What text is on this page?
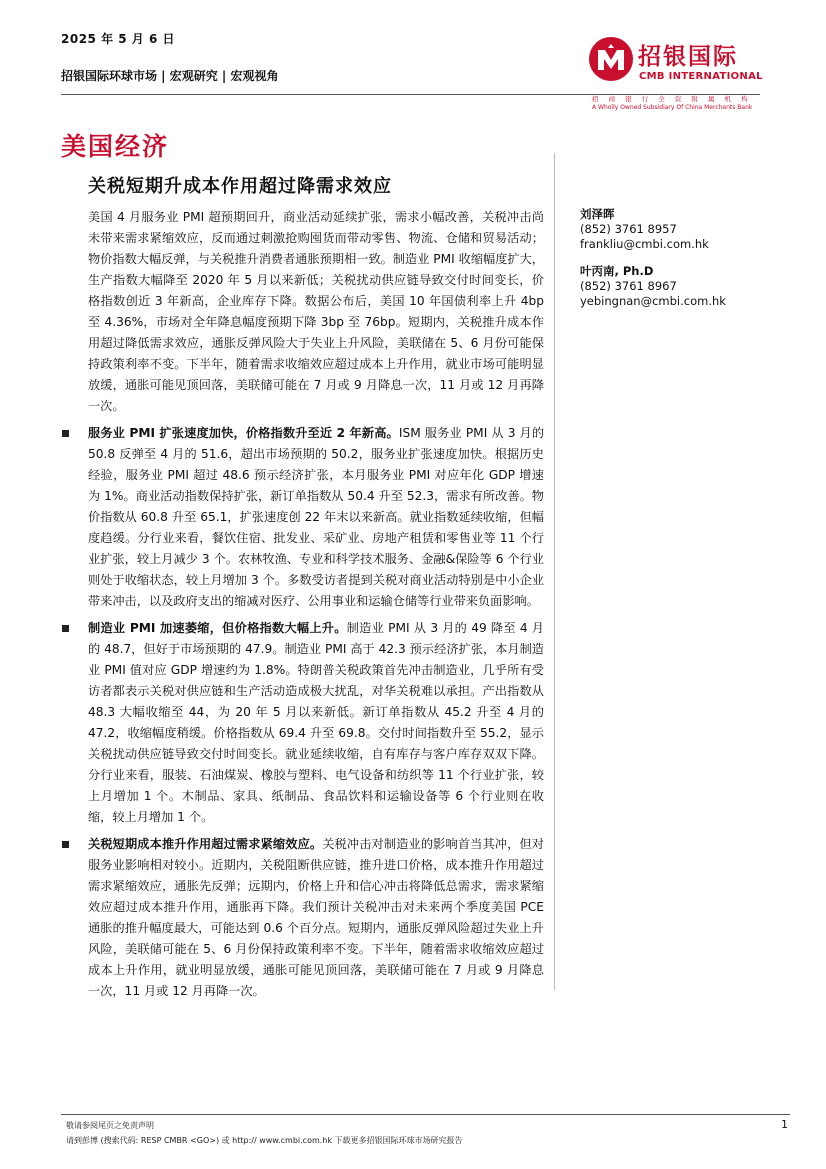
2025 年 5 月 6 日
招银国际环球市场 | 宏观研究 | 宏观视角
招银国际
CMB INTERNATIONAL
招 商 银 行 全 资 附 属 机 构
A Wholly Owned Subsidiary Of China Merchants Bank
美国经济
关税短期升成本作用超过降需求效应

美国 4 月服务业 PMI 超预期回升，商业活动延续扩张，需求小幅改善，关税冲击尚未带来需求紧缩效应，反而通过刺激抢购囤货而带动零售、物流、仓储和贸易活动；物价指数大幅反弹，与关税推升消费者通胀预期相一致。制造业 PMI 收缩幅度扩大，生产指数大幅降至 2020 年 5 月以来新低；关税扰动供应链导致交付时间变长，价格指数创近 3 年新高，企业库存下降。数据公布后，美国 10 年国债利率上升 4bp 至 4.36%，市场对全年降息幅度预期下降 3bp 至 76bp。短期内，关税推升成本作用超过降低需求效应，通胀反弹风险大于失业上升风险，美联储在 5、6 月份可能保持政策利率不变。下半年，随着需求收缩效应超过成本上升作用，就业市场可能明显放缓，通胀可能见顶回落，美联储可能在 7 月或 9 月降息一次，11 月或 12 月再降一次。

服务业 PMI 扩张速度加快，价格指数升至近 2 年新高。ISM 服务业 PMI 从 3 月的 50.8 反弹至 4 月的 51.6，超出市场预期的 50.2，服务业扩张速度加快。根据历史经验，服务业 PMI 超过 48.6 预示经济扩张，本月服务业 PMI 对应年化 GDP 增速为 1%。商业活动指数保持扩张，新订单指数从 50.4 升至 52.3，需求有所改善。物价指数从 60.8 升至 65.1，扩张速度创 22 年末以来新高。就业指数延续收缩，但幅度趋缓。分行业来看，餐饮住宿、批发业、采矿业、房地产租赁和零售业等 11 个行业扩张，较上月减少 3 个。农林牧渔、专业和科学技术服务、金融&保险等 6 个行业则处于收缩状态，较上月增加 3 个。多数受访者提到关税对商业活动特别是中小企业带来冲击，以及政府支出的缩减对医疗、公用事业和运输仓储等行业带来负面影响。

制造业 PMI 加速萎缩，但价格指数大幅上升。制造业 PMI 从 3 月的 49 降至 4 月的 48.7，但好于市场预期的 47.9。制造业 PMI 高于 42.3 预示经济扩张，本月制造业 PMI 值对应 GDP 增速约为 1.8%。特朗普关税政策首先冲击制造业，几乎所有受访者都表示关税对供应链和生产活动造成极大扰乱，对华关税难以承担。产出指数从 48.3 大幅收缩至 44，为 20 年 5 月以来新低。新订单指数从 45.2 升至 4 月的 47.2，收缩幅度稍缓。价格指数从 69.4 升至 69.8。交付时间指数升至 55.2，显示关税扰动供应链导致交付时间变长。就业延续收缩，自有库存与客户库存双双下降。分行业来看，服装、石油煤炭、橡胶与塑料、电气设备和纺织等 11 个行业扩张，较上月增加 1 个。木制品、家具、纸制品、食品饮料和运输设备等 6 个行业则在收缩，较上月增加 1 个。

关税短期成本推升作用超过需求紧缩效应。关税冲击对制造业的影响首当其冲，但对服务业影响相对较小。近期内，关税阻断供应链，推升进口价格，成本推升作用超过需求紧缩效应，通胀先反弹；远期内，价格上升和信心冲击将降低总需求，需求紧缩效应超过成本推升作用，通胀再下降。我们预计关税冲击对未来两个季度美国 PCE 通胀的推升幅度最大，可能达到 0.6 个百分点。短期内，通胀反弹风险超过失业上升风险，美联储可能在 5、6 月份保持政策利率不变。下半年，随着需求收缩效应超过成本上升作用，就业明显放缓，通胀可能见顶回落，美联储可能在 7 月或 9 月降息一次，11 月或 12 月再降一次。

刘泽晖
(852) 3761 8957
frankliu@cmbi.com.hk
叶丙南, Ph.D
(852) 3761 8967
yebingnan@cmbi.com.hk
敬请参阅尾页之免责声明
请到彭博 (搜索代码: RESP CMBR <GO>) 或 http:// www.cmbi.com.hk 下载更多招银国际环球市场研究报告
1
